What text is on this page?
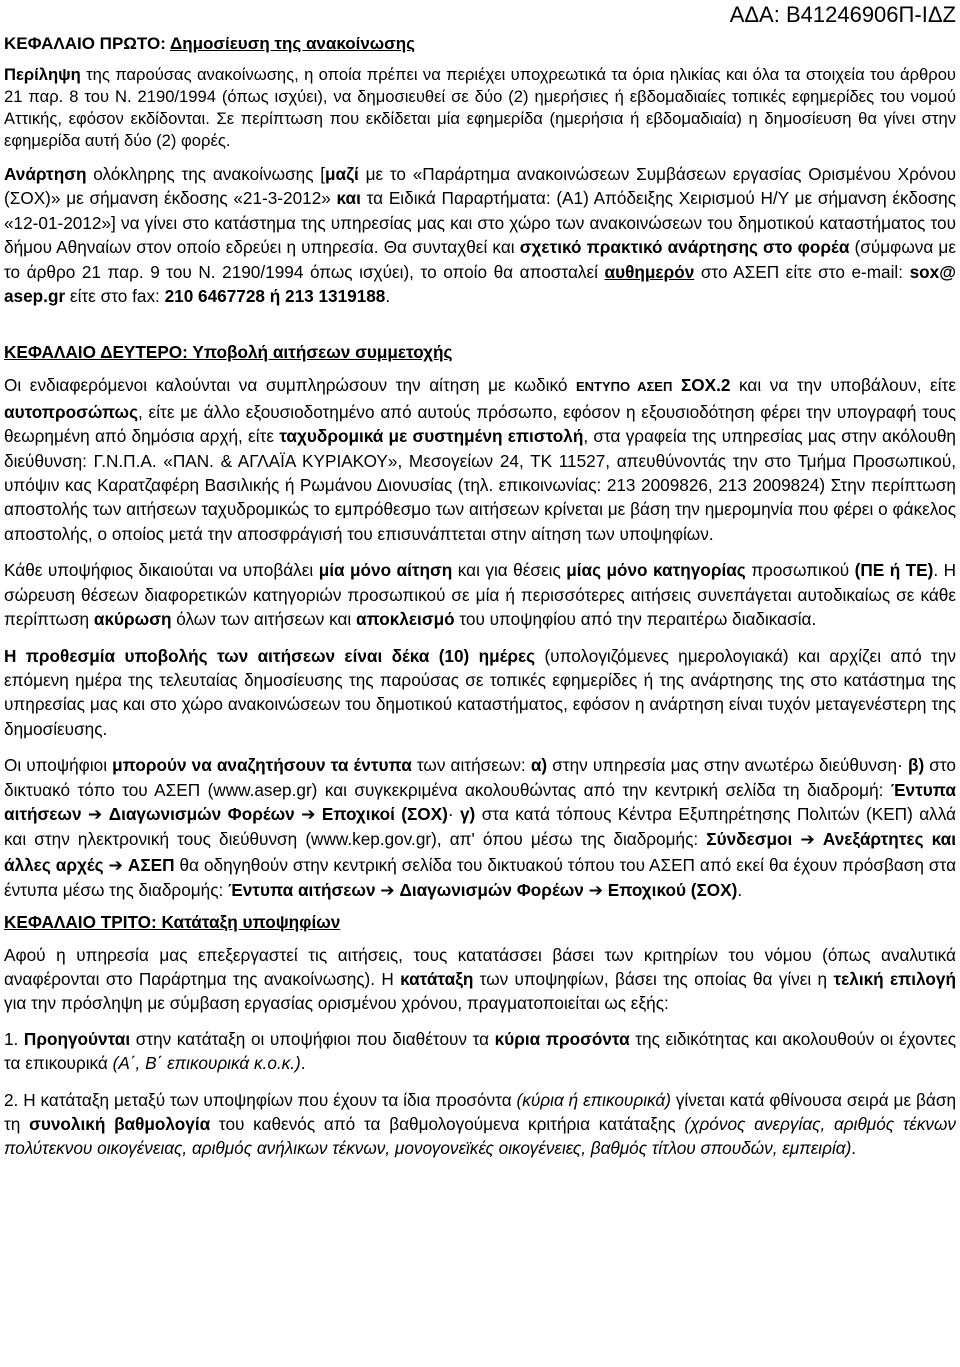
ΚΕΦΑΛΑΙΟ ΠΡΩΤΟ: Δημοσίευση της ανακοίνωσης
ΑΔΑ: Β41246906Π-ΙΔΖ

Περίληψη της παρούσας ανακοίνωσης, η οποία πρέπει να περιέχει υποχρεωτικά τα όρια ηλικίας και όλα τα στοιχεία του άρθρου 21 παρ. 8 του Ν. 2190/1994 (όπως ισχύει), να δημοσιευθεί σε δύο (2) ημερήσιες ή εβδομαδιαίες τοπικές εφημερίδες του νομού Αττικής, εφόσον εκδίδονται. Σε περίπτωση που εκδίδεται μία εφημερίδα (ημερήσια ή εβδομαδιαία) η δημοσίευση θα γίνει στην εφημερίδα αυτή δύο (2) φορές.

Ανάρτηση ολόκληρης της ανακοίνωσης [μαζί με το «Παράρτημα ανακοινώσεων Συμβάσεων εργασίας Ορισμένου Χρόνου (ΣΟΧ)» με σήμανση έκδοσης «21-3-2012» και τα Ειδικά Παραρτήματα: (Α1) Απόδειξης Χειρισμού Η/Υ με σήμανση έκδοσης «12-01-2012»] να γίνει στο κατάστημα της υπηρεσίας μας και στο χώρο των ανακοινώσεων του δημοτικού καταστήματος του δήμου Αθηναίων στον οποίο εδρεύει η υπηρεσία. Θα συνταχθεί και σχετικό πρακτικό ανάρτησης στο φορέα (σύμφωνα με το άρθρο 21 παρ. 9 του Ν. 2190/1994 όπως ισχύει), το οποίο θα αποσταλεί αυθημερόν στο ΑΣΕΠ είτε στο e-mail: sox@ asep.gr είτε στο fax: 210 6467728 ή 213 1319188.

ΚΕΦΑΛΑΙΟ ΔΕΥΤΕΡΟ: Υποβολή αιτήσεων συμμετοχής

Οι ενδιαφερόμενοι καλούνται να συμπληρώσουν την αίτηση με κωδικό ΕΝΤΥΠΟ ΑΣΕΠ ΣΟΧ.2 και να την υποβάλουν, είτε αυτοπροσώπως, είτε με άλλο εξουσιοδοτημένο από αυτούς πρόσωπο, εφόσον η εξουσιοδότηση φέρει την υπογραφή τους θεωρημένη από δημόσια αρχή, είτε ταχυδρομικά με συστημένη επιστολή, στα γραφεία της υπηρεσίας μας στην ακόλουθη διεύθυνση: Γ.Ν.Π.Α. «ΠΑΝ. & ΑΓΛΑΪΑ ΚΥΡΙΑΚΟΥ», Μεσογείων 24, ΤΚ 11527, απευθύνοντάς την στο Τμήμα Προσωπικού, υπόψιν κας Καρατζαφέρη Βασιλικής ή Ρωμάνου Διονυσίας (τηλ. επικοινωνίας: 213 2009826, 213 2009824) Στην περίπτωση αποστολής των αιτήσεων ταχυδρομικώς το εμπρόθεσμο των αιτήσεων κρίνεται με βάση την ημερομηνία που φέρει ο φάκελος αποστολής, ο οποίος μετά την αποσφράγισή του επισυνάπτεται στην αίτηση των υποψηφίων.

Κάθε υποψήφιος δικαιούται να υποβάλει μία μόνο αίτηση και για θέσεις μίας μόνο κατηγορίας προσωπικού (ΠΕ ή ΤΕ). Η σώρευση θέσεων διαφορετικών κατηγοριών προσωπικού σε μία ή περισσότερες αιτήσεις συνεπάγεται αυτοδικαίως σε κάθε περίπτωση ακύρωση όλων των αιτήσεων και αποκλεισμό του υποψηφίου από την περαιτέρω διαδικασία.

Η προθεσμία υποβολής των αιτήσεων είναι δέκα (10) ημέρες (υπολογιζόμενες ημερολογιακά) και αρχίζει από την επόμενη ημέρα της τελευταίας δημοσίευσης της παρούσας σε τοπικές εφημερίδες ή της ανάρτησης της στο κατάστημα της υπηρεσίας μας και στο χώρο ανακοινώσεων του δημοτικού καταστήματος, εφόσον η ανάρτηση είναι τυχόν μεταγενέστερη της δημοσίευσης.

Οι υποψήφιοι μπορούν να αναζητήσουν τα έντυπα των αιτήσεων: α) στην υπηρεσία μας στην ανωτέρω διεύθυνση· β) στο δικτυακό τόπο του ΑΣΕΠ (www.asep.gr) και συγκεκριμένα ακολουθώντας από την κεντρική σελίδα τη διαδρομή: Έντυπα αιτήσεων ➔ Διαγωνισμών Φορέων ➔ Εποχικοί (ΣΟΧ)· γ) στα κατά τόπους Κέντρα Εξυπηρέτησης Πολιτών (ΚΕΠ) αλλά και στην ηλεκτρονική τους διεύθυνση (www.kep.gov.gr), απ' όπου μέσω της διαδρομής: Σύνδεσμοι ➔ Ανεξάρτητες και άλλες αρχές ➔ ΑΣΕΠ θα οδηγηθούν στην κεντρική σελίδα του δικτυακού τόπου του ΑΣΕΠ από εκεί θα έχουν πρόσβαση στα έντυπα μέσω της διαδρομής: Έντυπα αιτήσεων ➔ Διαγωνισμών Φορέων ➔ Εποχικού (ΣΟΧ).

ΚΕΦΑΛΑΙΟ ΤΡΙΤΟ: Κατάταξη υποψηφίων

Αφού η υπηρεσία μας επεξεργαστεί τις αιτήσεις, τους κατατάσσει βάσει των κριτηρίων του νόμου (όπως αναλυτικά αναφέρονται στο Παράρτημα της ανακοίνωσης). Η κατάταξη των υποψηφίων, βάσει της οποίας θα γίνει η τελική επιλογή για την πρόσληψη με σύμβαση εργασίας ορισμένου χρόνου, πραγματοποιείται ως εξής:

1. Προηγούνται στην κατάταξη οι υποψήφιοι που διαθέτουν τα κύρια προσόντα της ειδικότητας και ακολουθούν οι έχοντες τα επικουρικά (Α΄, Β΄ επικουρικά κ.ο.κ.).

2. Η κατάταξη μεταξύ των υποψηφίων που έχουν τα ίδια προσόντα (κύρια ή επικουρικά) γίνεται κατά φθίνουσα σειρά με βάση τη συνολική βαθμολογία του καθενός από τα βαθμολογούμενα κριτήρια κατάταξης (χρόνος ανεργίας, αριθμός τέκνων πολύτεκνου οικογένειας, αριθμός ανήλικων τέκνων, μονογονεϊκές οικογένειες, βαθμός τίτλου σπουδών, εμπειρία).
